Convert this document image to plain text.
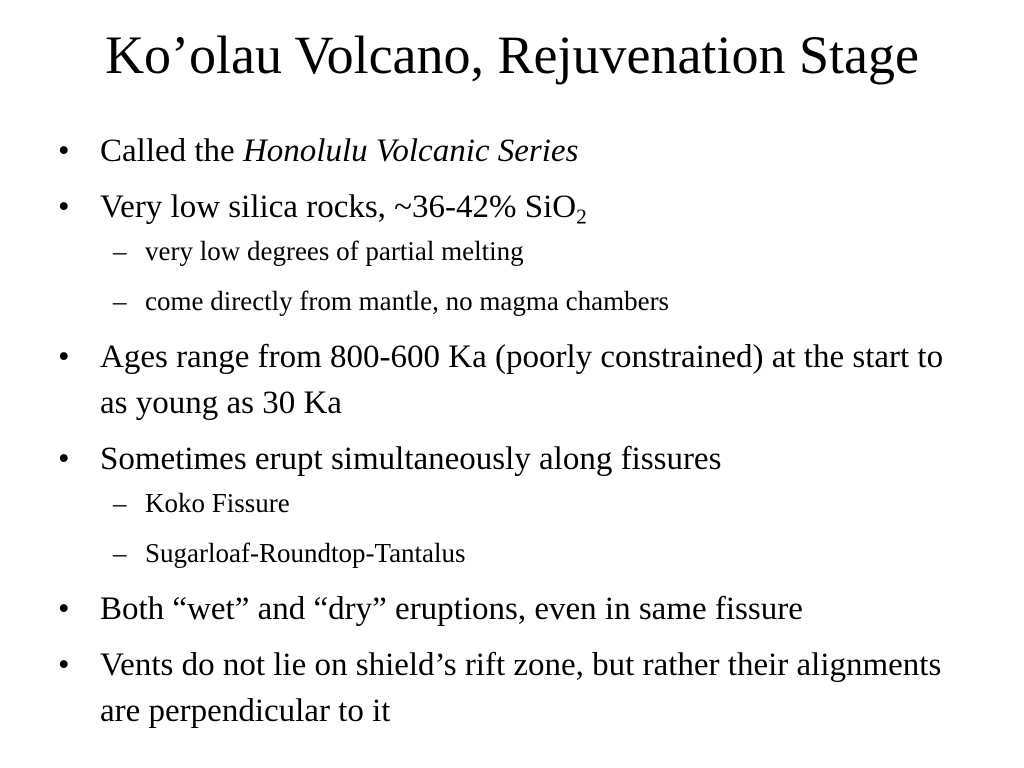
Ko’olau Volcano, Rejuvenation Stage
• Called the Honolulu Volcanic Series
• Very low silica rocks, ~36-42% SiO$_2$
– very low degrees of partial melting
– come directly from mantle, no magma chambers
• Ages range from 800-600 Ka (poorly constrained) at the start to as young as 30 Ka
• Sometimes erupt simultaneously along fissures
– Koko Fissure
– Sugarloaf-Roundtop-Tantalus
• Both “wet” and “dry” eruptions, even in same fissure
• Vents do not lie on shield’s rift zone, but rather their alignments are perpendicular to it
